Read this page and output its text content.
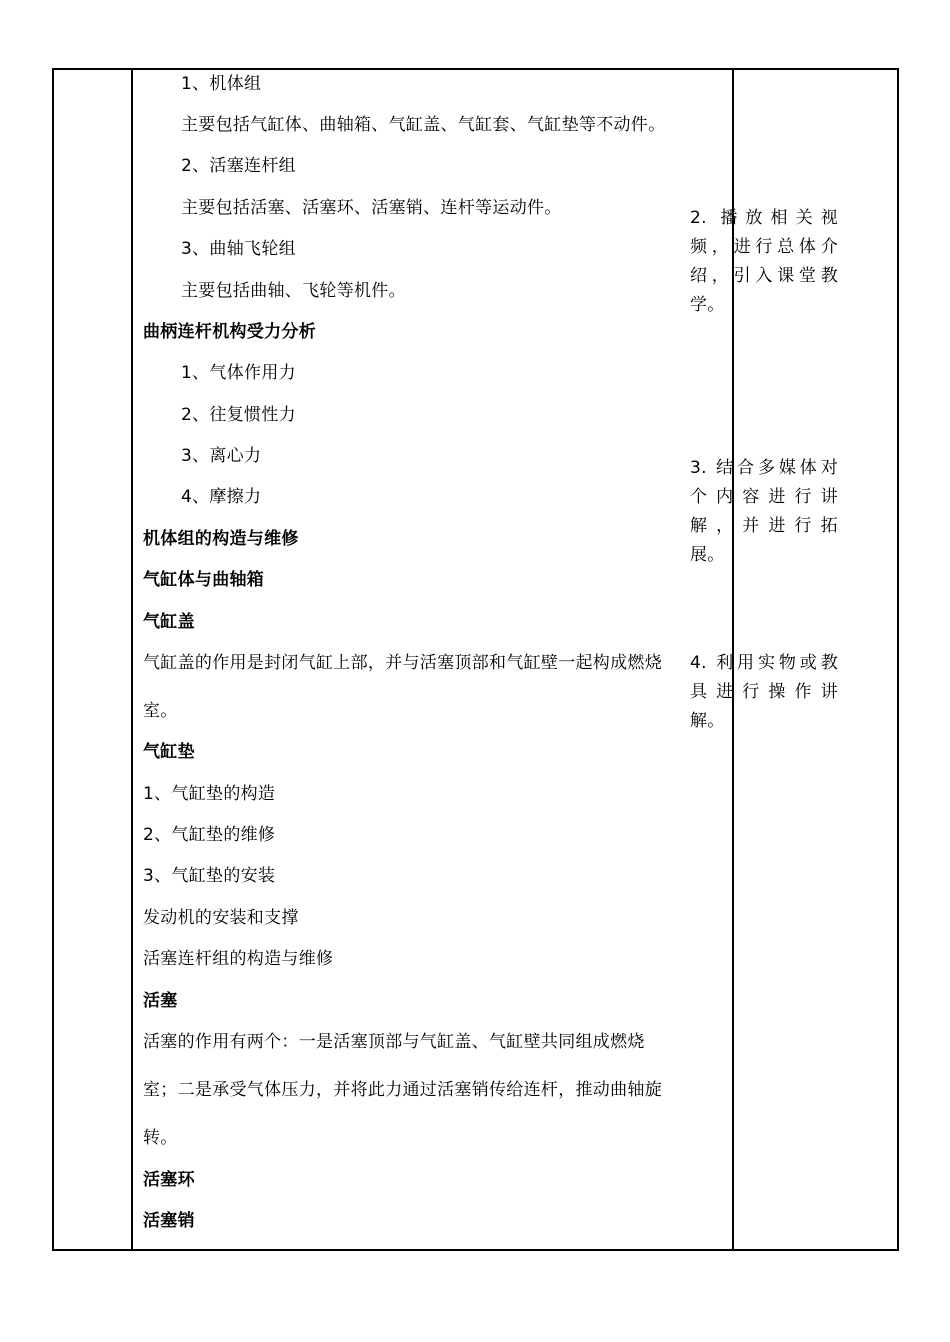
1、机体组
主要包括气缸体、曲轴箱、气缸盖、气缸套、气缸垫等不动件。
2、活塞连杆组
主要包括活塞、活塞环、活塞销、连杆等运动件。
3、曲轴飞轮组
主要包括曲轴、飞轮等机件。
曲柄连杆机构受力分析
1、气体作用力
2、往复惯性力
3、离心力
4、摩擦力
机体组的构造与维修
气缸体与曲轴箱
气缸盖
气缸盖的作用是封闭气缸上部，并与活塞顶部和气缸壁一起构成燃烧
室。
气缸垫
1、气缸垫的构造
2、气缸垫的维修
3、气缸垫的安装
发动机的安装和支撑
活塞连杆组的构造与维修
活塞
活塞的作用有两个：一是活塞顶部与气缸盖、气缸壁共同组成燃烧
室；二是承受气体压力，并将此力通过活塞销传给连杆，推动曲轴旋
转。
活塞环
活塞销
2. 播放相关视
频，进行总体介
绍，引入课堂教
学。
3. 结合多媒体对
个内容进行讲
解，并进行拓
展。
4. 利用实物或教
具进行操作讲
解。
